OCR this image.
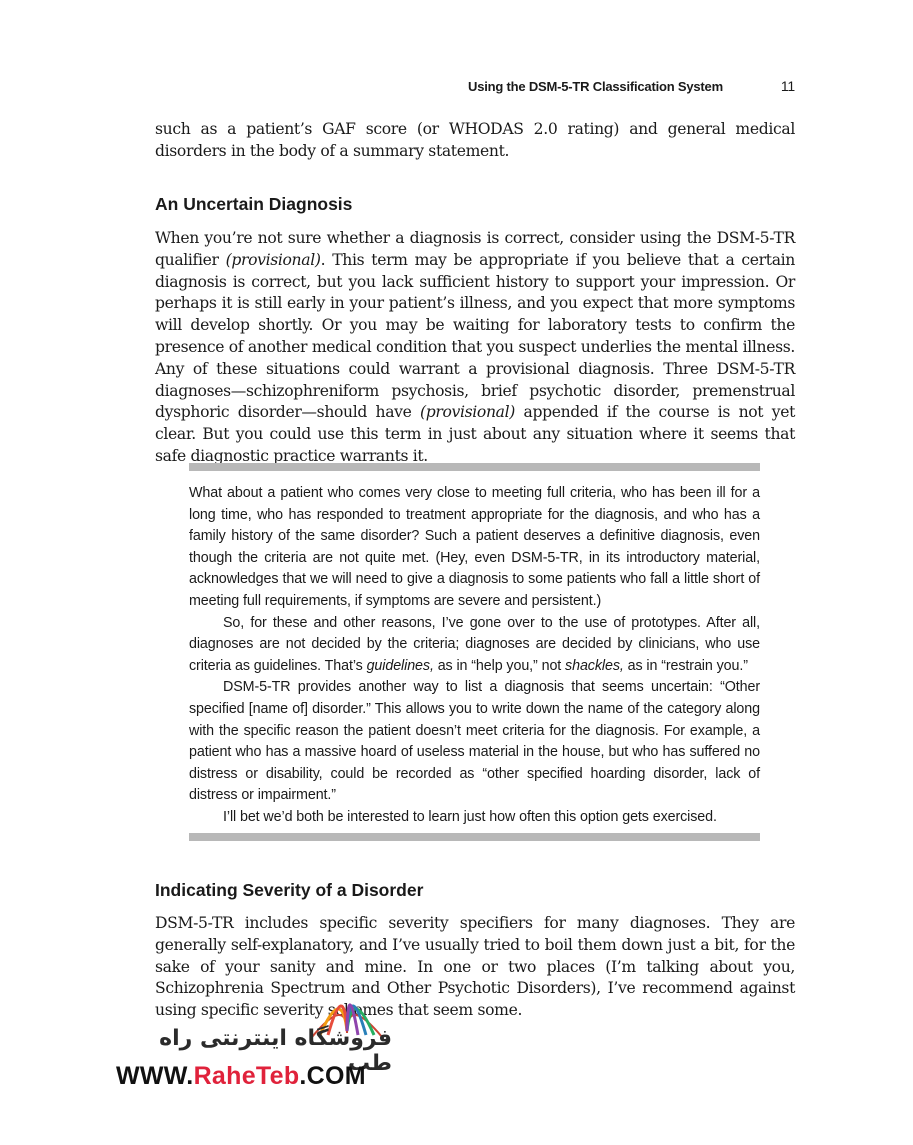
Using the DSM-5-TR Classification System	11

such as a patient’s GAF score (or WHODAS 2.0 rating) and general medical disorders in the body of a summary statement.

An Uncertain Diagnosis

When you’re not sure whether a diagnosis is correct, consider using the DSM-5-TR qualifier (provisional). This term may be appropriate if you believe that a certain diagnosis is correct, but you lack sufficient history to support your impression. Or perhaps it is still early in your patient’s illness, and you expect that more symptoms will develop shortly. Or you may be waiting for laboratory tests to confirm the presence of another medical condition that you suspect underlies the mental illness. Any of these situations could warrant a provisional diagnosis. Three DSM-5-TR diagnoses—schizophreniform psychosis, brief psychotic disorder, premenstrual dysphoric disorder—should have (provisional) appended if the course is not yet clear. But you could use this term in just about any situation where it seems that safe diagnostic practice warrants it.

What about a patient who comes very close to meeting full criteria, who has been ill for a long time, who has responded to treatment appropriate for the diagnosis, and who has a family history of the same disorder? Such a patient deserves a definitive diagnosis, even though the criteria are not quite met. (Hey, even DSM-5-TR, in its introductory material, acknowledges that we will need to give a diagnosis to some patients who fall a little short of meeting full requirements, if symptoms are severe and persistent.)

So, for these and other reasons, I’ve gone over to the use of prototypes. After all, diagnoses are not decided by the criteria; diagnoses are decided by clinicians, who use criteria as guidelines. That’s guidelines, as in “help you,” not shackles, as in “restrain you.”

DSM-5-TR provides another way to list a diagnosis that seems uncertain: “Other specified [name of] disorder.” This allows you to write down the name of the category along with the specific reason the patient doesn’t meet criteria for the diagnosis. For example, a patient who has a massive hoard of useless material in the house, but who has suffered no distress or disability, could be recorded as “other specified hoarding disorder, lack of distress or impairment.”

I’ll bet we’d both be interested to learn just how often this option gets exercised.

Indicating Severity of a Disorder

DSM-5-TR includes specific severity specifiers for many diagnoses. They are generally self-explanatory, and I’ve usually tried to boil them down just a bit, for the sake of your sanity and mine. In one or two places (I’m talking about you, Schizophrenia Spectrum and Other Psychotic Disorders), I’ve recommend against using specific severity schemes that seem some.

فروشگاه اینترنتی راه طب
WWW.RaheTeb.COM
